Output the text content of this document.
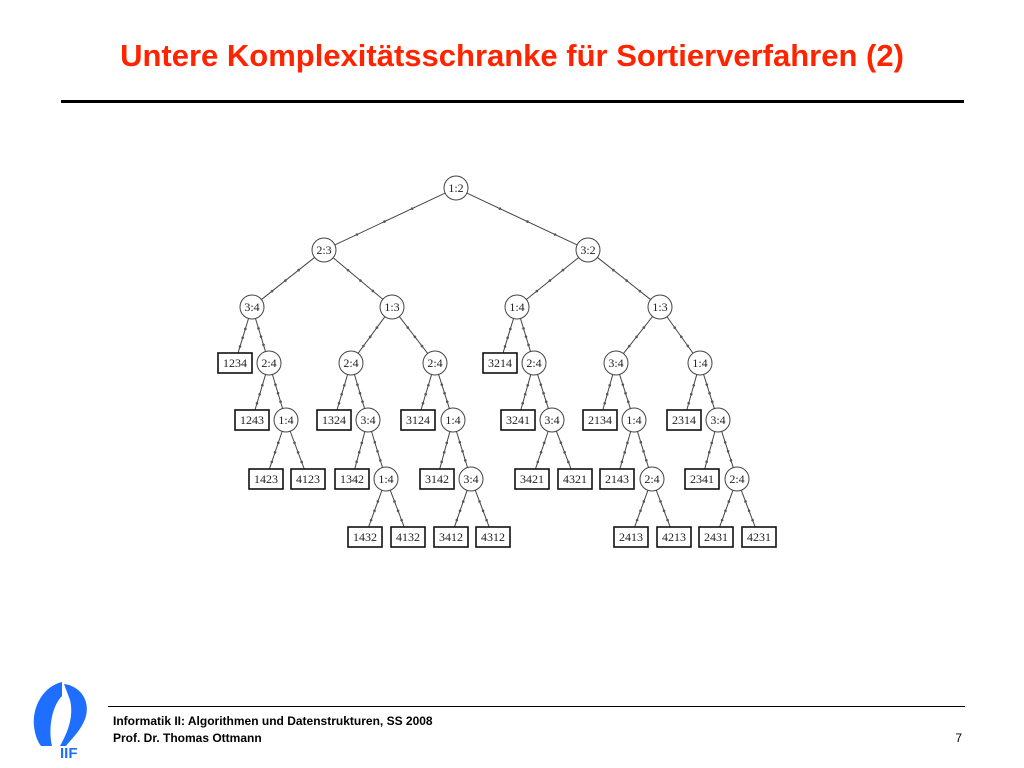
Untere Komplexitätsschranke für Sortierverfahren (2)
1:2
2:3	3:2
3:4	1:3	1:4	1:3
1234 2:4	2:4	2:4	3214 2:4	3:4	1:4
1243 1:4 1324 3:4	3124 1:4	3241 3:4 2134 1:4	2314 3:4
1423 4123 1342 1:4	3142 3:4	3421 4321 2143 2:4	2341 2:4
1432 4132 3412 4312	2413 4213 2431 4231
IIF
Informatik II: Algorithmen und Datenstrukturen, SS 2008
Prof. Dr. Thomas Ottmann	7
